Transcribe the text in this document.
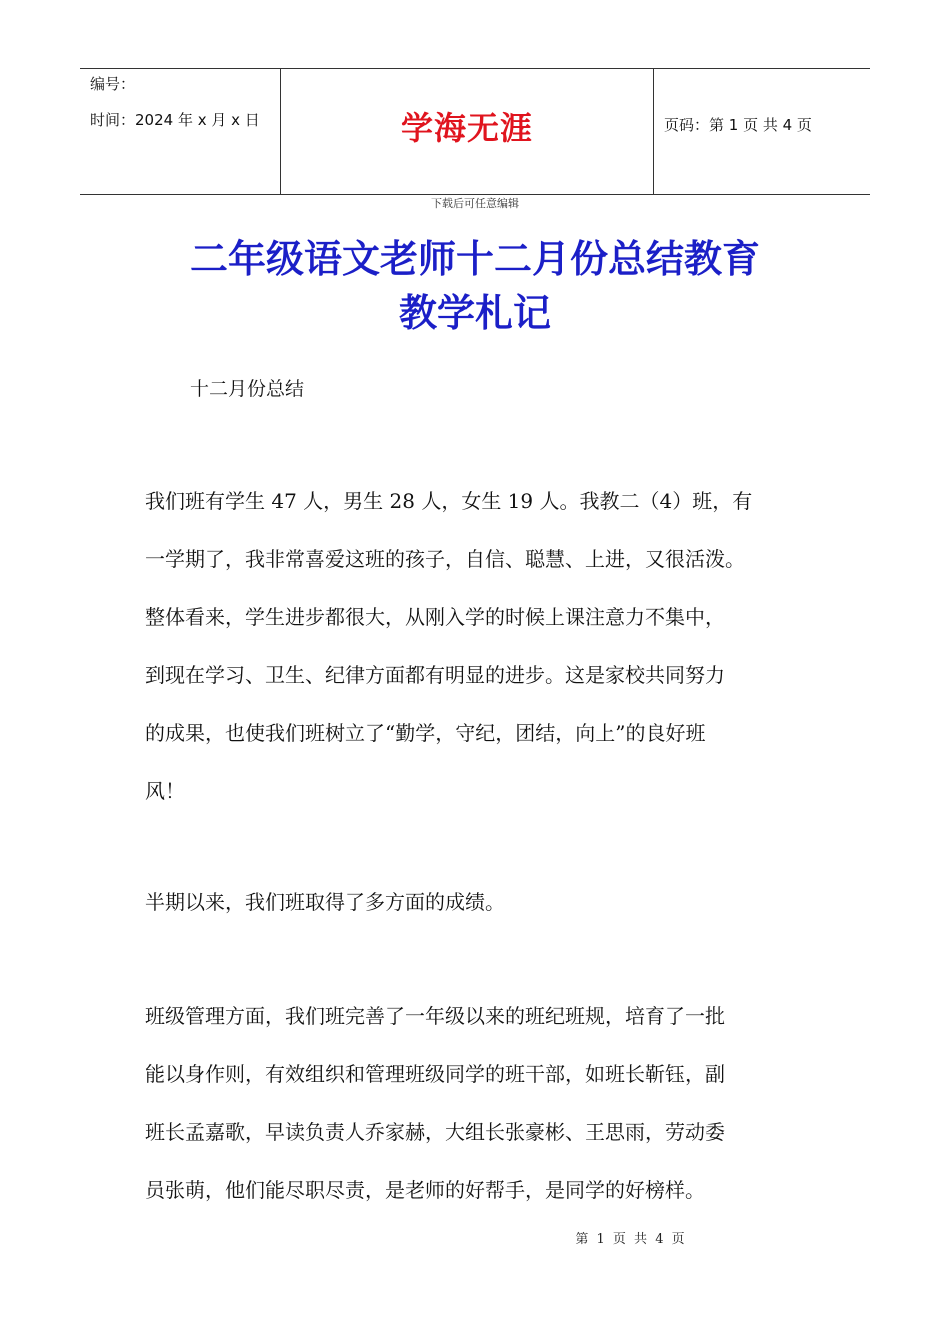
编号：
时间：2024 年 x 月 x 日	学海无涯	页码：第 1 页 共 4 页
下载后可任意编辑
二年级语文老师十二月份总结教育
教学札记
十二月份总结
我们班有学生 47 人，男生 28 人，女生 19 人。我教二（4）班，有
一学期了，我非常喜爱这班的孩子，自信、聪慧、上进，又很活泼。
整体看来，学生进步都很大，从刚入学的时候上课注意力不集中，
到现在学习、卫生、纪律方面都有明显的进步。这是家校共同努力
的成果，也使我们班树立了“勤学，守纪，团结，向上”的良好班
风！
半期以来，我们班取得了多方面的成绩。
班级管理方面，我们班完善了一年级以来的班纪班规，培育了一批
能以身作则，有效组织和管理班级同学的班干部，如班长靳钰，副
班长孟嘉歌，早读负责人乔家赫，大组长张豪彬、王思雨，劳动委
员张萌，他们能尽职尽责，是老师的好帮手，是同学的好榜样。
第 1 页 共 4 页
